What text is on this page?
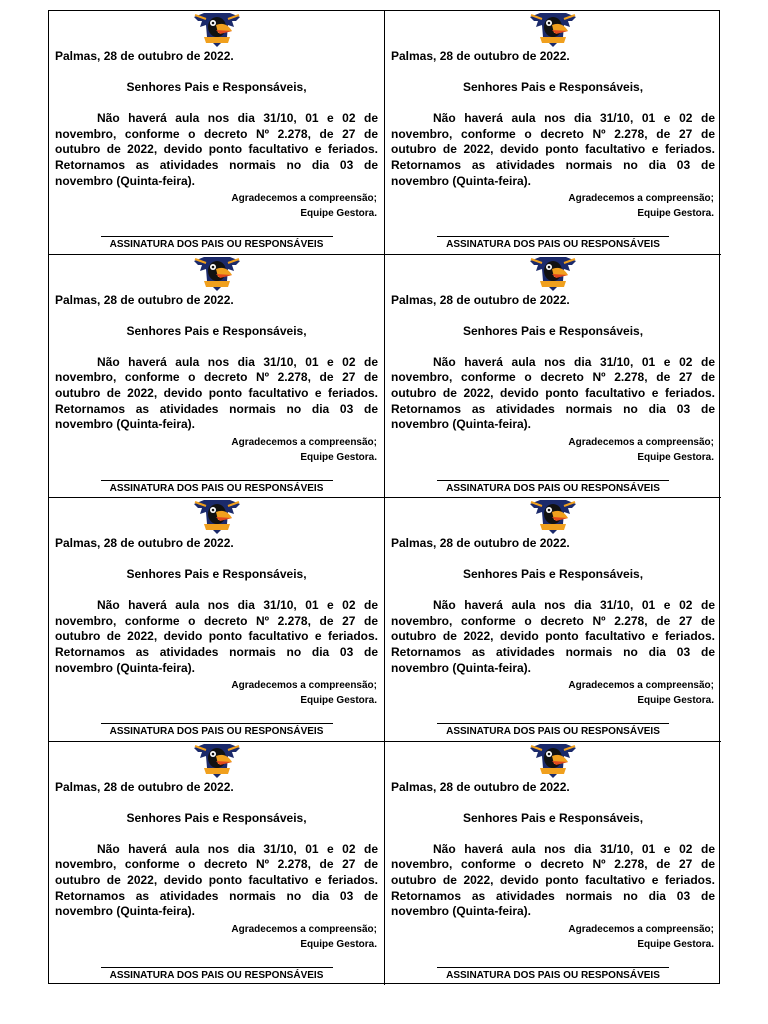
Palmas, 28 de outubro de 2022.
Senhores Pais e Responsáveis,
Não haverá aula nos dia 31/10, 01 e 02 de novembro, conforme o decreto Nº 2.278, de 27 de outubro de 2022, devido ponto facultativo e feriados. Retornamos as atividades normais no dia 03 de novembro (Quinta-feira).
Agradecemos a compreensão;
Equipe Gestora.
ASSINATURA DOS PAIS OU RESPONSÁVEIS
Palmas, 28 de outubro de 2022.
Senhores Pais e Responsáveis,
Não haverá aula nos dia 31/10, 01 e 02 de novembro, conforme o decreto Nº 2.278, de 27 de outubro de 2022, devido ponto facultativo e feriados. Retornamos as atividades normais no dia 03 de novembro (Quinta-feira).
Agradecemos a compreensão;
Equipe Gestora.
ASSINATURA DOS PAIS OU RESPONSÁVEIS
Palmas, 28 de outubro de 2022.
Senhores Pais e Responsáveis,
Não haverá aula nos dia 31/10, 01 e 02 de novembro, conforme o decreto Nº 2.278, de 27 de outubro de 2022, devido ponto facultativo e feriados. Retornamos as atividades normais no dia 03 de novembro (Quinta-feira).
Agradecemos a compreensão;
Equipe Gestora.
ASSINATURA DOS PAIS OU RESPONSÁVEIS
Palmas, 28 de outubro de 2022.
Senhores Pais e Responsáveis,
Não haverá aula nos dia 31/10, 01 e 02 de novembro, conforme o decreto Nº 2.278, de 27 de outubro de 2022, devido ponto facultativo e feriados. Retornamos as atividades normais no dia 03 de novembro (Quinta-feira).
Agradecemos a compreensão;
Equipe Gestora.
ASSINATURA DOS PAIS OU RESPONSÁVEIS
Palmas, 28 de outubro de 2022.
Senhores Pais e Responsáveis,
Não haverá aula nos dia 31/10, 01 e 02 de novembro, conforme o decreto Nº 2.278, de 27 de outubro de 2022, devido ponto facultativo e feriados. Retornamos as atividades normais no dia 03 de novembro (Quinta-feira).
Agradecemos a compreensão;
Equipe Gestora.
ASSINATURA DOS PAIS OU RESPONSÁVEIS
Palmas, 28 de outubro de 2022.
Senhores Pais e Responsáveis,
Não haverá aula nos dia 31/10, 01 e 02 de novembro, conforme o decreto Nº 2.278, de 27 de outubro de 2022, devido ponto facultativo e feriados. Retornamos as atividades normais no dia 03 de novembro (Quinta-feira).
Agradecemos a compreensão;
Equipe Gestora.
ASSINATURA DOS PAIS OU RESPONSÁVEIS
Palmas, 28 de outubro de 2022.
Senhores Pais e Responsáveis,
Não haverá aula nos dia 31/10, 01 e 02 de novembro, conforme o decreto Nº 2.278, de 27 de outubro de 2022, devido ponto facultativo e feriados. Retornamos as atividades normais no dia 03 de novembro (Quinta-feira).
Agradecemos a compreensão;
Equipe Gestora.
ASSINATURA DOS PAIS OU RESPONSÁVEIS
Palmas, 28 de outubro de 2022.
Senhores Pais e Responsáveis,
Não haverá aula nos dia 31/10, 01 e 02 de novembro, conforme o decreto Nº 2.278, de 27 de outubro de 2022, devido ponto facultativo e feriados. Retornamos as atividades normais no dia 03 de novembro (Quinta-feira).
Agradecemos a compreensão;
Equipe Gestora.
ASSINATURA DOS PAIS OU RESPONSÁVEIS
